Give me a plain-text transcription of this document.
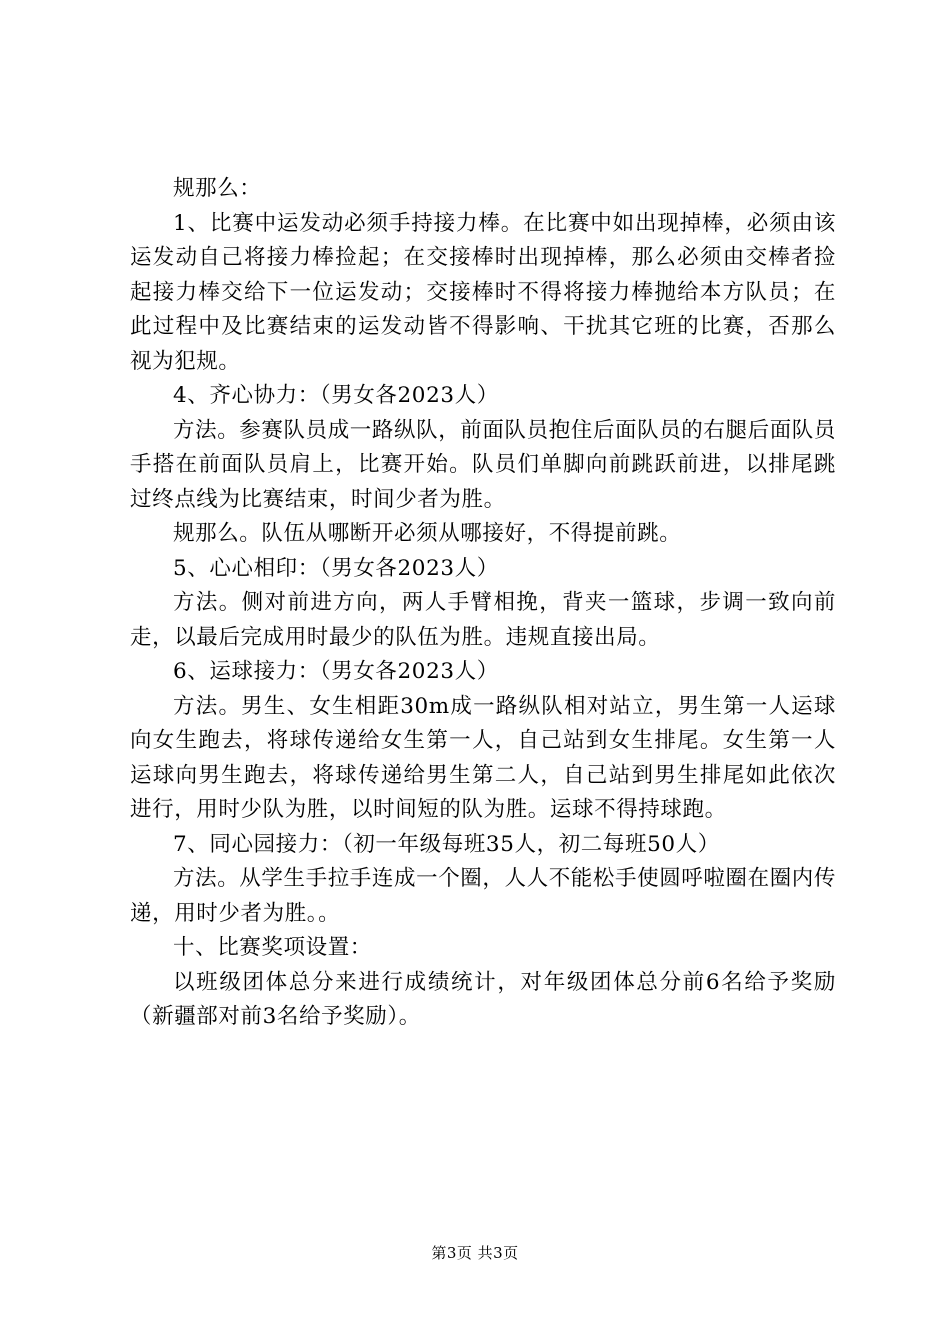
规那么：

1、比赛中运发动必须手持接力棒。在比赛中如出现掉棒，必须由该运发动自己将接力棒捡起；在交接棒时出现掉棒，那么必须由交棒者捡起接力棒交给下一位运发动；交接棒时不得将接力棒抛给本方队员；在此过程中及比赛结束的运发动皆不得影响、干扰其它班的比赛，否那么视为犯规。

4、齐心协力：（男女各2023人）

方法。参赛队员成一路纵队，前面队员抱住后面队员的右腿后面队员手搭在前面队员肩上，比赛开始。队员们单脚向前跳跃前进，以排尾跳过终点线为比赛结束，时间少者为胜。

规那么。队伍从哪断开必须从哪接好，不得提前跳。

5、心心相印：（男女各2023人）

方法。侧对前进方向，两人手臂相挽，背夹一篮球，步调一致向前走，以最后完成用时最少的队伍为胜。违规直接出局。

6、运球接力：（男女各2023人）

方法。男生、女生相距30m成一路纵队相对站立，男生第一人运球向女生跑去，将球传递给女生第一人，自己站到女生排尾。女生第一人运球向男生跑去，将球传递给男生第二人，自己站到男生排尾如此依次进行，用时少队为胜，以时间短的队为胜。运球不得持球跑。

7、同心园接力：（初一年级每班35人，初二每班50人）

方法。从学生手拉手连成一个圈，人人不能松手使圆呼啦圈在圈内传递，用时少者为胜。。

十、比赛奖项设置：

以班级团体总分来进行成绩统计，对年级团体总分前6名给予奖励（新疆部对前3名给予奖励）。

第3页 共3页
